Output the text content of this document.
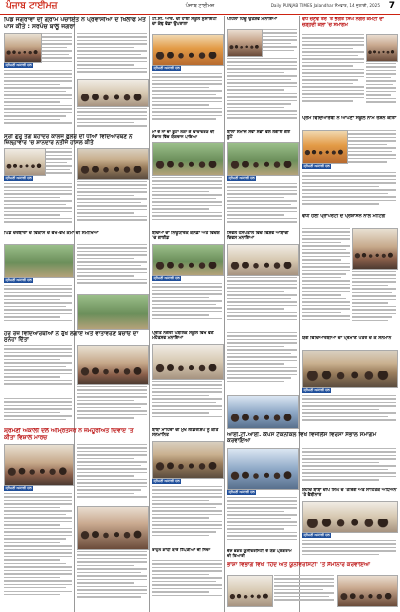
ਪੰਜਾਬ ਟਾਈਮਜ਼	ਪੰਜਾਬ ਟਾਈਮਜ਼	Daily PUNJAB TIMES Jalandhar ਸੋਮਵਾਰ, 14 ਜੁਲਾਈ, 2025 7
ਪਿੰਡ ਜਗਰਾਵਾਂ ਦੀ ਗ੍ਰਾਮ ਪੰਚਾਇਤ ਨੇ ਪ੍ਰਵਾਸੀਆਂ ਦੇ ਖਿਲਾਫ ਮਤੇ ਪਾਸ ਕੀਤੇ : ਸਰਪੰਚ ਬਾਲੂ ਜਗਰਾ
ਸ਼੍ਰੋਮਣੀ ਅਕਾਲੀ ਦਲ
ਸ੍ਰੀ ਗੁਰੂ ਤੇਗ ਬਹਾਦਰ ਕਾਲਜ ਫ਼ੁਲੇਰ ਦੀ ਧੀਆਂ ਵਿਦਿਆਰਥਣ ਨੇ ਜ਼ਿਲ੍ਹਾਵਾਰ 'ਚ ਸ਼ਾਨਦਾਰ ਨਤੀਜੇ ਹਾਸਲ ਕੀਤੇ
ਸ਼੍ਰੋਮਣੀ ਅਕਾਲੀ ਦਲ
ਪਿੰਡ ਦਰਬਾਰਾ ਦੇ ਵਿਕਾਸ ਦੇ ਵੱਖ-ਵੱਖ ਕੰਮਾਂ ਦੀ ਸਮੀਖਿਆ
ਸ਼੍ਰੋਮਣੀ ਅਕਾਲੀ ਦਲ
ਹਰ ਰੋਜ਼ ਵਿਦਿਆਰਥੀਆਂ ਨੇ ਰੁੱਖ ਲਗਾਏ ਅਤੇ ਵਾਤਾਵਰਣ ਬਚਾਓ ਦਾ ਸੁਨੇਹਾ ਦਿੱਤਾ
ਸ਼੍ਰੋਮਣੀ ਅਕਾਲੀ ਦਲ ਅੰਮ੍ਰਿਤਸਰ ਨੇ ਜਮਹੂਰੀਅਤ ਦਿਵਾਏ 'ਤੇ ਕੀਤਾ ਵਿਸ਼ਾਲ ਮਾਰਚ
ਸ਼੍ਰੋਮਣੀ ਅਕਾਲੀ ਦਲ
ਟੀ.ਸੀ. ਆਰ. ਦੀ ਹਾਈ ਸਕੂਲ ਸੁਸਾਇਟੀ ਦਾ ਕੱਢ ਵੱਡਾ ਉਪਰਾਲਾ
ਸ਼੍ਰੋਮਣੀ ਅਕਾਲੀ ਦਲ
ਮਾਂ ਦੇ ਨਾਂ ਦਾ ਬੂਟਾ ਲਗਾ ਕੇ ਵਾਤਾਵਰਣ ਦੀ ਸੰਭਾਲ ਵਿੱਚ ਯੋਗਦਾਨ ਪਾਇਆ
ਬੱਚਿਆਂ ਦਾ ਨਿਊਯਾਰਕ ਕਨੇਡਾ ਅਤੇ ਵਿਦੇਸ਼ 'ਚ ਗਾਈਡ
ਸ਼੍ਰੋਮਣੀ ਅਕਾਲੀ ਦਲ
ਪ੍ਰੀਤ ਨਗਰੀ ਪਬਲਿਕ ਸਕੂਲ ਵਿਖੇ ਵਣ ਮਹੋਤਸਵ ਮਨਾਇਆ
ਬਾਬਾ ਮਾਹਿਰਾਂ ਦੀ ਮੁੱਖ ਲੀਡਰਸ਼ਿਪ ਨੂੰ ਕੀਤੇ ਸਨਮਾਨਿਤ
ਸ਼੍ਰੋਮਣੀ ਅਕਾਲੀ ਦਲ
ਰਾਹੁਲ ਗਾਂਧੀ ਬਾਰੇ ਟਿੱਪਣੀਆਂ ਦੀ ਨਿੰਦਾ
ਪਹਿਲਾ ਹਿੰਦੂ ਉਤਸ਼ਵ ਮਨਾਇਆ
ਬਾਲਾਂ ਸਮਾਜ ਸੇਵਾ ਸਭਾ ਵਲੋਂ ਲਗਾਏ ਗਏ ਬੂਟੇ
ਸ਼੍ਰੋਮਣੀ ਅਕਾਲੀ ਦਲ
ਸਿਵਲ ਹਸਪਤਾਲ ਵਿੱਚ ਵਿਸ਼ਵ ਆਬਾਦੀ ਦਿਵਸ ਮਨਾਇਆ
ਵੱਧ ਚੋਣਵੇਂ ਤੌਰ 'ਤੇ ਭਗਤ ਸਿੰਘ ਨਗਰ ਕਮੇਟੀ ਦਾ ਚੜ੍ਹਦੀ ਕਲਾ 'ਚ ਸਮਾਗਮ
ਪ੍ਰੇਮ ਵਿਦਿਆਰਥੀ ਨੇ ਆਪਣਾ ਸਕੂਲ ਨਾਮ ਰੋਸ਼ਨ ਕੀਤਾ
ਸ਼੍ਰੋਮਣੀ ਅਕਾਲੀ ਦਲ
ਵਧੀ ਹੋਈ ਪ੍ਰਾਪਰਟੀ ਦੇ ਪ੍ਰਸ਼ਾਸਨ ਨਾਲ ਮੀਟਿੰਗ
ਆਈ.ਟੀ.ਆਈ. ਕੈਪਸ ਟੈਕਨੀਕਲ ਵਿਖੇ ਵਿਜੀਲੈਂਸ ਵਿਰਸਾ ਸੰਭਾਲ ਸਮਾਗਮ ਕਰਵਾਇਆ
ਯੋਗ ਵਿਦਿਆਰਥੀਆਂ ਦਾ ਪ੍ਰਮਾਣ ਪੱਤਰ ਦੇ ਕੇ ਸਨਮਾਨ
ਸ਼੍ਰੋਮਣੀ ਅਕਾਲੀ ਦਲ
ਸ਼੍ਰੋਮਣੀ ਅਕਾਲੀ ਦਲ	ਸ਼ਹੀਦ ਬਾਬਾ ਦੀਪ ਸਿੰਘ ਦੇ 'ਤਰਿੰਗ ਅਤੇ ਸਾਹਿਤਕ ਅਧਿਐਨ' 'ਤੇ ਵੈਬੀਨਾਰ
ਦੇਸ਼ ਭਗਤ ਯੂਨੀਵਰਸਿਟੀ ਦੇ ਯੋਗ ਪ੍ਰੋਗਰਾਮ ਦੀ ਤਿਆਰੀ
ਭਾਸ਼ਾ ਵਿਭਾਗ ਵਿਖੇ 'ਹਿੰਦ ਅਤੇ ਯੂਨੀਵਰਸਿਟੀ' 'ਤੇ ਸੈਮੀਨਾਰ ਕਰਵਾਇਆ
ਸ਼੍ਰੋਮਣੀ ਅਕਾਲੀ ਦਲ
